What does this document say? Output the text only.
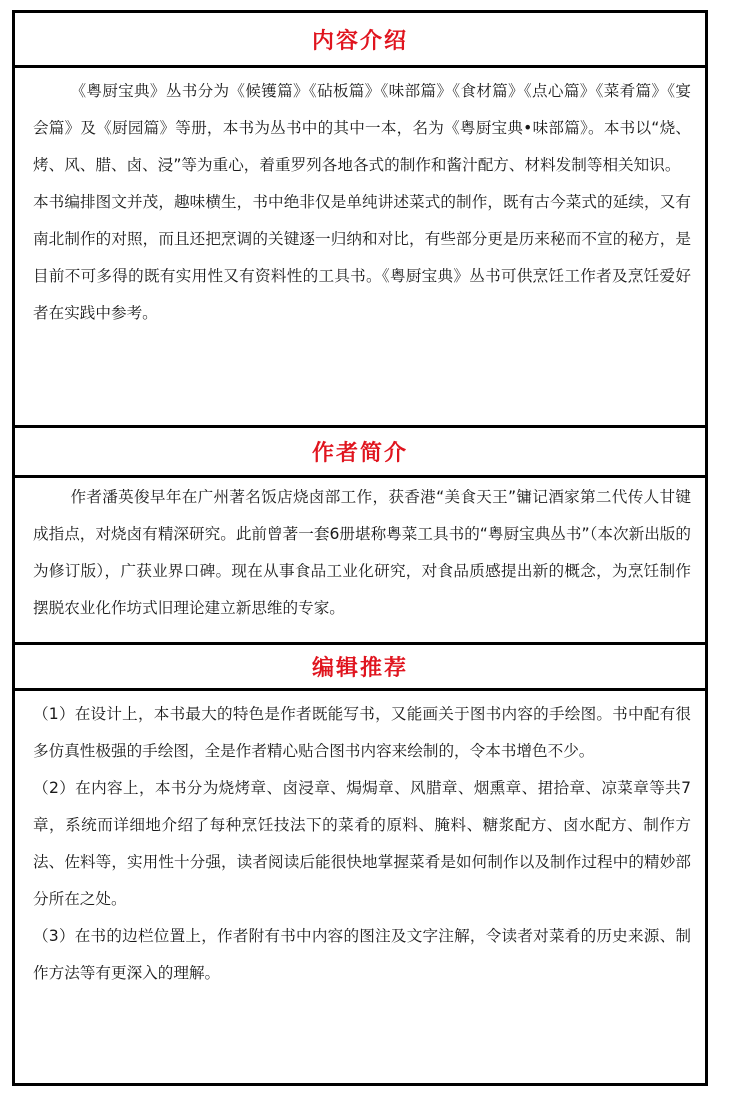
内容介绍

《粤厨宝典》丛书分为《候镬篇》《砧板篇》《味部篇》《食材篇》《点心篇》《菜肴篇》《宴会篇》及《厨园篇》等册，本书为丛书中的其中一本，名为《粤厨宝典•味部篇》。本书以“烧、烤、风、腊、卤、浸”等为重心，着重罗列各地各式的制作和酱汁配方、材料发制等相关知识。

本书编排图文并茂，趣味横生，书中绝非仅是单纯讲述菜式的制作，既有古今菜式的延续，又有南北制作的对照，而且还把烹调的关键逐一归纳和对比，有些部分更是历来秘而不宣的秘方，是目前不可多得的既有实用性又有资料性的工具书。《粤厨宝典》丛书可供烹饪工作者及烹饪爱好者在实践中参考。

作者简介

作者潘英俊早年在广州著名饭店烧卤部工作，获香港“美食天王”镛记酒家第二代传人甘键成指点，对烧卤有精深研究。此前曾著一套6册堪称粤菜工具书的“粤厨宝典丛书”（本次新出版的为修订版），广获业界口碑。现在从事食品工业化研究，对食品质感提出新的概念，为烹饪制作摆脱农业化作坊式旧理论建立新思维的专家。

编辑推荐

（1）在设计上，本书最大的特色是作者既能写书，又能画关于图书内容的手绘图。书中配有很多仿真性极强的手绘图，全是作者精心贴合图书内容来绘制的，令本书增色不少。

（2）在内容上，本书分为烧烤章、卤浸章、焗焗章、风腊章、烟熏章、捃拾章、凉菜章等共7章，系统而详细地介绍了每种烹饪技法下的菜肴的原料、腌料、糖浆配方、卤水配方、制作方法、佐料等，实用性十分强，读者阅读后能很快地掌握菜肴是如何制作以及制作过程中的精妙部分所在之处。

（3）在书的边栏位置上，作者附有书中内容的图注及文字注解，令读者对菜肴的历史来源、制作方法等有更深入的理解。
